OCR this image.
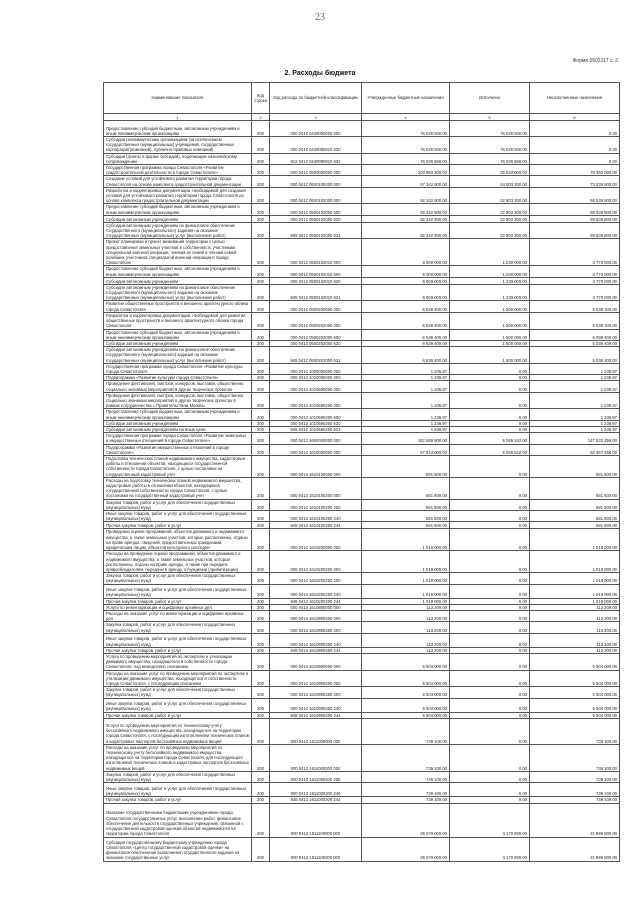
23
Форма 0503117 с. 2
2. Расходы бюджета
Наименование показателя	Код строки	Код расхода по бюджетной классификации	Утвержденные бюджетные назначения	Исполнено	Неисполненные назначения
1	2	3	4	5	6
Предоставление субсидий бюджетным, автономным учреждениям и иным некоммерческим организациям	200	000 0412 0440000000 600	76 036 600.00	76 036 600.00	0.00
Субсидии некоммерческим организациям (за исключением государственных (муниципальных) учреждений, государственных корпораций (компаний), публично-правовых компаний)	200	000 0412 0440090810 630	76 036 600.00	76 036 600.00	0.00
Субсидии (гранты в форме субсидий), подлежащие казначейскому сопровождению	200	812 0412 0440090810 632	76 036 600.00	76 036 600.00	0.00
Государственная программа города Севастополя «Развитие градостроительной деятельности в городе Севастополе»	200	000 0412 0500000000 000	103 883 300.00	25 533 000.00	78 350 000.00
Создание условий для устойчивого развития территории города Севастополя на основе комплекса градостроительной документации	200	000 0412 0500100000 000	97 342 900.00	24 003 300.00	73 339 600.00
Разработка и корректировка документации, необходимой для создания условий для устойчивого развития территории города Севастополя на основе комплекса градостроительной документации	200	000 0412 0500102000 000	92 342 900.00	22 803 300.00	69 539 600.00
Предоставление субсидий бюджетным, автономным учреждениям и иным некоммерческим организациям	200	000 0412 0500102000 600	92 342 900.00	22 803 300.00	69 539 600.00
Субсидии автономным учреждениям	200	000 0412 0500102000 620	92 342 900.00	22 803 300.00	69 539 600.00
Субсидии автономным учреждениям на финансовое обеспечение государственного (муниципального) задания на оказание государственных (муниципальных) услуг (выполнение работ)	200	845 0412 0500102000 621	92 342 900.00	22 803 300.00	69 539 600.00
Проект планировки и проект межевания территории с целью предоставления земельных участков в собственность участникам специальной военной операции, членам их семей и членам семей погибших участников специальной военной операции в городе Севастополе	200	000 0412 0500102010 000	5 000 000.00	1 230 000.00	3 770 000.00
Предоставление субсидий бюджетным, автономным учреждениям и иным некоммерческим организациям	200	000 0412 0500102010 600	5 000 000.00	1 230 000.00	3 770 000.00
Субсидии автономным учреждениям	200	000 0412 0500102010 620	5 000 000.00	1 230 000.00	3 770 000.00
Субсидии автономным учреждениям на финансовое обеспечение государственного (муниципального) задания на оказание государственных (муниципальных) услуг (выполнение работ)	200	845 0412 0500102010 621	5 000 000.00	1 230 000.00	3 770 000.00
Развитие общественных пространств и внешнего архитектурного облика города Севастополя	200	000 0412 0500200000 000	6 538 400.00	1 500 000.00	5 038 400.00
Разработка и корректировка документации, необходимой для развития общественных пространств и внешнего архитектурного облика города Севастополя	200	000 0412 0500202000 000	6 538 400.00	1 500 000.00	5 038 400.00
Предоставление субсидий бюджетным, автономным учреждениям и иным некоммерческим организациям	200	000 0412 0500202000 600	6 538 400.00	1 500 000.00	5 038 400.00
Субсидии автономным учреждениям	200	000 0412 0500202000 620	6 538 400.00	1 500 000.00	5 038 400.00
Субсидии автономным учреждениям на финансовое обеспечение государственного (муниципального) задания на оказание государственных (муниципальных) услуг (выполнение работ)	200	845 0412 0500202000 621	6 538 400.00	1 500 000.00	5 038 400.00
Государственная программа города Севастополя «Развитие культуры города Севастополя»	200	000 0412 1000000000 000	1 236.97	0.00	1 236.97
Подпрограмма «Развитие культуры города Севастополя»	200	000 0412 1010000000 000	1 236.97	0.00	1 236.97
Проведение фестивалей, смотров, конкурсов, выставок, общественно социально значимых мероприятий в других творческих проектах	200	000 0412 1010500000 000	1 236.97	0.00	1 236.97
Проведение фестивалей, смотров, конкурсов, выставок, общественно социально значимых мероприятий в других творческих проектах в рамках сотрудничества с Правительством Москвы	200	000 0412 1010590200 000	1 236.97	0.00	1 236.97
Предоставление субсидий бюджетным, автономным учреждениям и иным некоммерческим организациям	200	000 0412 1010590200 600	1 236.97	0.00	1 236.97
Субсидии автономным учреждениям	200	000 0412 1010590200 620	1 236.97	0.00	1 236.97
Субсидии автономным учреждениям на иные цели	200	845 0412 1010590200 622	1 236.97	0.00	1 236.97
Государственная программа города Севастополя «Развитие земельных и имущественных отношений в городе Севастополе»	200	000 0412 1600000000 000	152 688 800.00	5 066 542.00	147 632 258.00
Подпрограмма «Развитие имущественных отношений в городе Севастополе»	200	000 0412 1610000000 000	87 514 000.00	5 066 542.00	82 457 458.00
Подготовка технических планов недвижимого имущества, кадастровые работы в отношении объектов, находящихся государственной собственности города Севастополя, с целью постановки на государственный кадастровый учет	200	000 0412 1610100000 000	581 600.00	0.00	581 600.00
Расходы на подготовку технических планов недвижимого имущества, кадастровые работы в отношении объектов, находящихся государственной собственности города Севастополя, с целью постановки на государственный кадастровый учет	200	000 0412 1610100200 000	581 600.00	0.00	581 600.00
Закупка товаров, работ и услуг для обеспечения государственных (муниципальных) нужд	200	000 0412 1610100200 200	581 600.00	0.00	581 600.00
Иные закупки товаров, работ и услуг для обеспечения государственных (муниципальных) нужд	200	000 0412 1610100200 240	581 600.00	0.00	581 600.00
Прочая закупка товаров, работ и услуг	200	848 0412 1610100200 244	581 600.00	0.00	581 600.00
Проведение оценки программной, объектов движимого и недвижимого имущества, а также земельных участков, которые расположены, отданы на праве аренды, сведений, предоставленных гражданами, юридическим лицам, объектов культурного наследия	200	000 0412 1610200000 000	1 018 000.00	0.00	1 018 000.00
Расходы на проведение оценки программной, объектов движимого и недвижимого имущества, а также земельных участков, которые расположены, отданы на праве аренды, а также при передаче правообладателям, передачи в аренду, отчуждении (приватизации)	200	000 0412 1610200200 000	1 018 000.00	0.00	1 018 000.00
Закупка товаров, работ и услуг для обеспечения государственных (муниципальных) нужд	200	000 0412 1610200200 200	1 018 000.00	0.00	1 018 000.00
Иные закупки товаров, работ и услуг для обеспечения государственных (муниципальных) нужд	200	000 0412 1610200200 240	1 018 000.00	0.00	1 018 000.00
Прочая закупка товаров, работ и услуг	200	848 0412 1610200200 244	1 018 000.00	0.00	1 018 000.00
Услуги по инвентаризации и оцифровке архивных дел	200	000 0412 1610800000 000	113 200.00	0.00	113 200.00
Расходы на оказание услуг по инвентаризации и оцифровке архивных дел	200	000 0412 1610800200 000	113 200.00	0.00	113 200.00
Закупка товаров, работ и услуг для обеспечения государственных (муниципальных) нужд	200	000 0412 1610800200 200	113 200.00	0.00	113 200.00
Иные закупки товаров, работ и услуг для обеспечения государственных (муниципальных) нужд	200	000 0412 1610800200 240	113 200.00	0.00	113 200.00
Прочая закупка товаров, работ и услуг	200	848 0412 1610800200 244	113 200.00	0.00	113 200.00
Услуги по проведению мероприятий по экспертизе и утилизации движимого имущества, находящегося в собственности города Севастополя, под немедленно списанием	200	000 0412 1610900000 000	5 504 000.00	0.00	5 504 000.00
Расходы на оказание услуг по проведению мероприятий по экспертизе и утилизации движимого имущества, находящегося в собственности города Севастополя, с последующим списанием	200	000 0412 1610900200 000	5 504 000.00	0.00	5 504 000.00
Закупка товаров, работ и услуг для обеспечения государственных (муниципальных) нужд	200	000 0412 1610900200 200	5 504 000.00	0.00	5 504 000.00
Иные закупки товаров, работ и услуг для обеспечения государственных (муниципальных) нужд	200	000 0412 1610900200 240	5 504 000.00	0.00	5 504 000.00
Прочая закупка товаров, работ и услуг	200	848 0412 1610900200 244	5 504 000.00	0.00	5 504 000.00
Услуги по проведению мероприятий по техническому учету бесхозяйного недвижимого имущества, находящегося на территории города Севастополя, с последующим изготовлением технических планов и кадастровых паспортов бесхозяйных недвижимых вещей	200	000 0412 1611000000 000	739 100.00	0.00	739 100.00
Расходы на оказание услуг по проведению мероприятий по техническому учету бесхозяйного недвижимого имущества, находящегося на территории города Севастополя, для последующего изготовления технических планов и кадастровых паспортов бесхозяйных недвижимых вещей	200	000 0412 1611000200 000	739 100.00	0.00	739 100.00
Закупка товаров, работ и услуг для обеспечения государственных (муниципальных) нужд	200	000 0412 1611000200 200	739 100.00	0.00	739 100.00
Иные закупки товаров, работ и услуг для обеспечения государственных (муниципальных) нужд	200	000 0412 1611000200 240	739 100.00	0.00	739 100.00
Прочая закупка товаров, работ и услуг	200	848 0412 1611000200 244	739 100.00	0.00	739 100.00
Оказание государственными бюджетными учреждениями города Севастополя государственных услуг, выполнение работ, финансовое обеспечение деятельности государственных учреждений, связанной с государственной кадастровой оценкой объектов недвижимости на территории города Севастополя	200	000 0412 1611100000 000	26 070 000.00	4 170 600.00	21 899 500.00
Субсидия государственному бюджетному учреждению города Севастополя «Центр государственной кадастровой оценки» на финансовое обеспечение выполнения государственного задания на оказание государственных услуг	200	000 0412 1611100200 000	26 070 000.00	4 170 600.00	21 899 500.00
